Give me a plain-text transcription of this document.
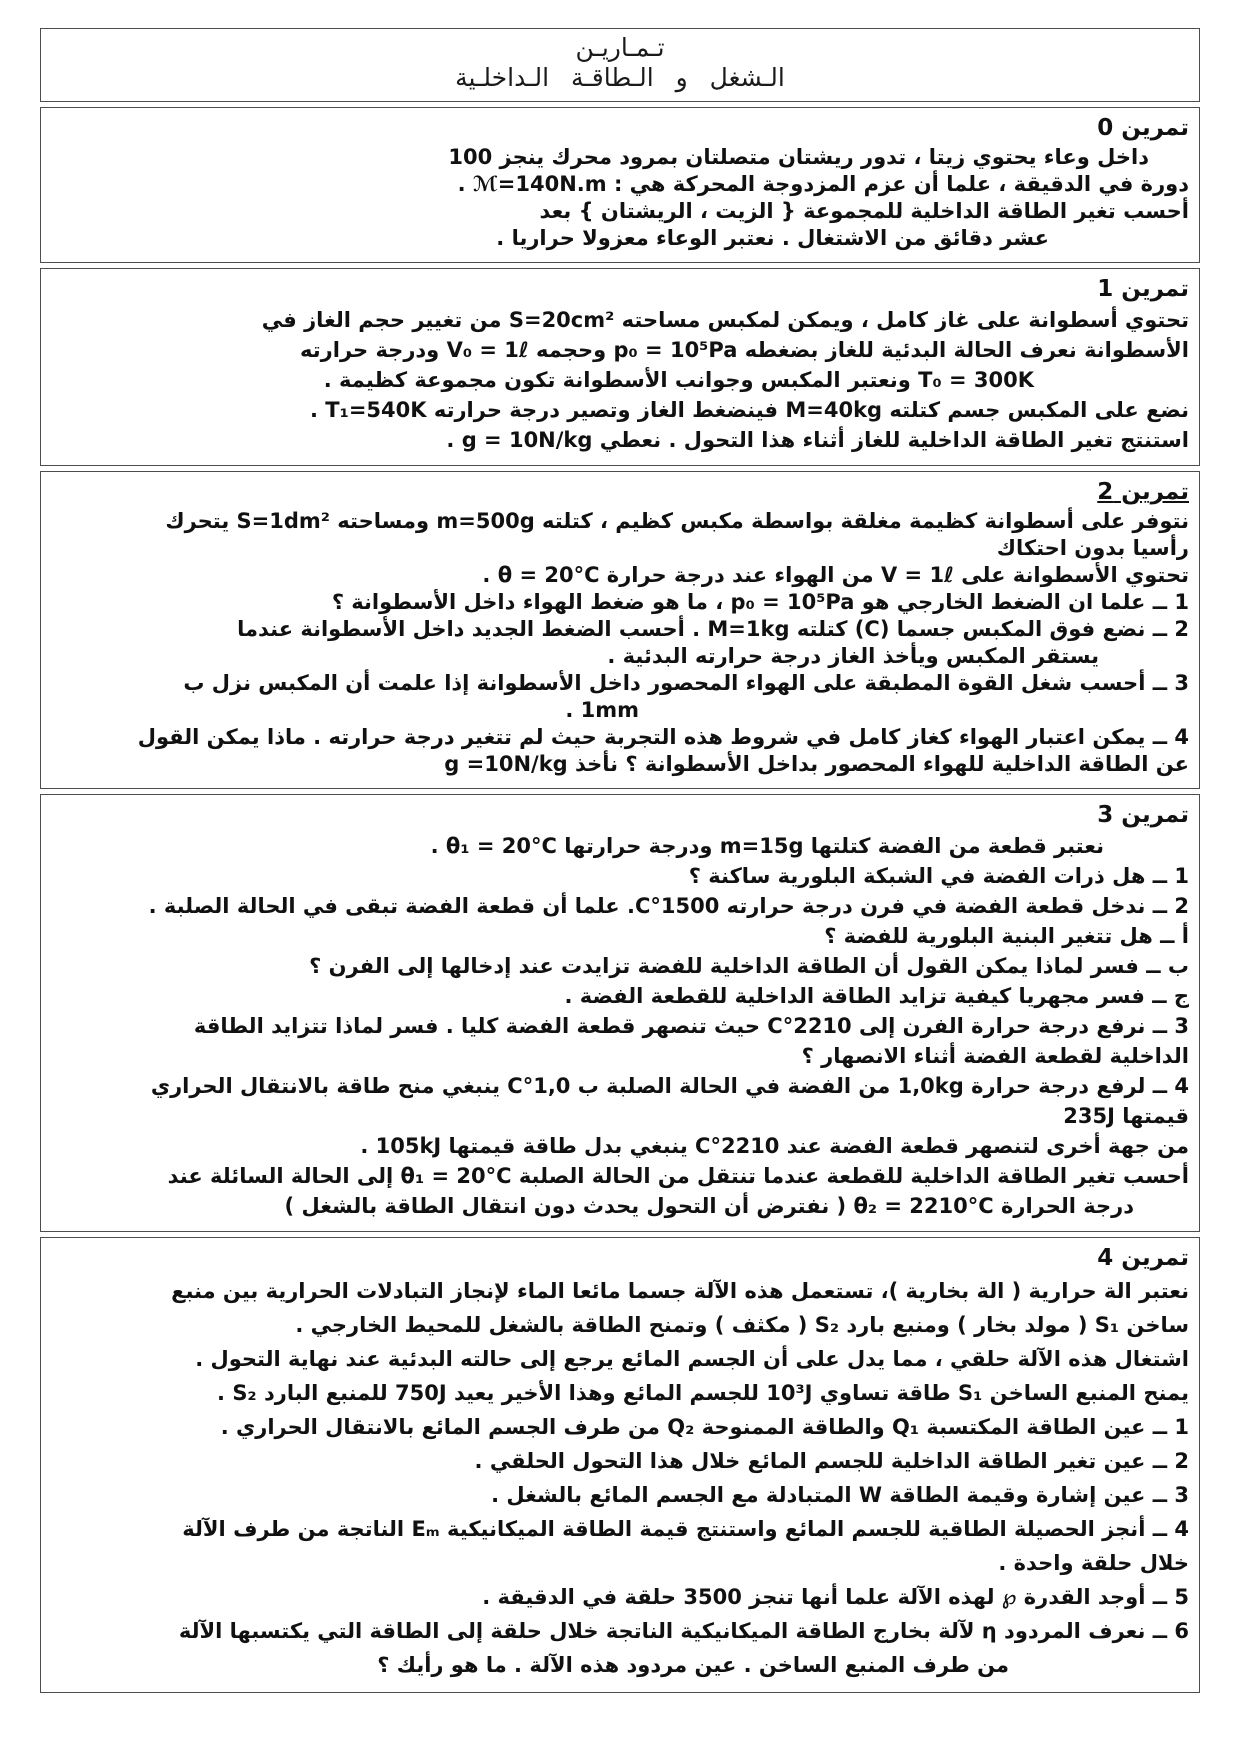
تـمـاريـن
الـشغل و الـطاقـة الـداخلـية
تمرين 0
داخل وعاء يحتوي زيتا ، تدور ريشتان متصلتان بمرود محرك ينجز 100
دورة في الدقيقة ، علما أن عزم المزدوجة المحركة هي : ℳ=140N.m .
أحسب تغير الطاقة الداخلية للمجموعة { الزيت ، الريشتان } بعد
عشر دقائق من الاشتغال . نعتبر الوعاء معزولا حراريا .
تمرين 1
تحتوي أسطوانة على غاز كامل ، ويمكن لمكبس مساحته S=20cm² من تغيير حجم الغاز في
الأسطوانة نعرف الحالة البدئية للغاز بضغطه p₀ = 10⁵Pa وحجمه V₀ = 1ℓ ودرجة حرارته
T₀ = 300K ونعتبر المكبس وجوانب الأسطوانة تكون مجموعة كظيمة .
نضع على المكبس جسم كتلته M=40kg فينضغط الغاز وتصير درجة حرارته T₁=540K .
استنتج تغير الطاقة الداخلية للغاز أثناء هذا التحول . نعطي g = 10N/kg .
تمرين 2
نتوفر على أسطوانة كظيمة مغلقة بواسطة مكبس كظيم ، كتلته m=500g ومساحته S=1dm² يتحرك
رأسيا بدون احتكاك
تحتوي الأسطوانة على V = 1ℓ من الهواء عند درجة حرارة θ = 20°C .
1 ــ علما ان الضغط الخارجي هو p₀ = 10⁵Pa ، ما هو ضغط الهواء داخل الأسطوانة ؟
2 ــ نضع فوق المكبس جسما (C) كتلته M=1kg . أحسب الضغط الجديد داخل الأسطوانة عندما
يستقر المكبس ويأخذ الغاز درجة حرارته البدئية .
3 ــ أحسب شغل القوة المطبقة على الهواء المحصور داخل الأسطوانة إذا علمت أن المكبس نزل ب
1mm .
4 ــ يمكن اعتبار الهواء كغاز كامل في شروط هذه التجربة حيث لم تتغير درجة حرارته . ماذا يمكن القول
عن الطاقة الداخلية للهواء المحصور بداخل الأسطوانة ؟ نأخذ g =10N/kg
تمرين 3
نعتبر قطعة من الفضة كتلتها m=15g ودرجة حرارتها θ₁ = 20°C .
1 ــ هل ذرات الفضة في الشبكة البلورية ساكنة ؟
2 ــ ندخل قطعة الفضة في فرن درجة حرارته 1500°C. علما أن قطعة الفضة تبقى في الحالة الصلبة .
أ ــ هل تتغير البنية البلورية للفضة ؟
ب ــ فسر لماذا يمكن القول أن الطاقة الداخلية للفضة تزايدت عند إدخالها إلى الفرن ؟
ج ــ فسر مجهريا كيفية تزايد الطاقة الداخلية للقطعة الفضة .
3 ــ نرفع درجة حرارة الفرن إلى 2210°C حيث تنصهر قطعة الفضة كليا . فسر لماذا تتزايد الطاقة
الداخلية لقطعة الفضة أثناء الانصهار ؟
4 ــ لرفع درجة حرارة 1,0kg من الفضة في الحالة الصلبة ب 1,0°C ينبغي منح طاقة بالانتقال الحراري
قيمتها 235J
من جهة أخرى لتنصهر قطعة الفضة عند 2210°C ينبغي بدل طاقة قيمتها 105kJ .
أحسب تغير الطاقة الداخلية للقطعة عندما تنتقل من الحالة الصلبة θ₁ = 20°C إلى الحالة السائلة عند
درجة الحرارة θ₂ = 2210°C ( نفترض أن التحول يحدث دون انتقال الطاقة بالشغل )
تمرين 4
نعتبر الة حرارية ( الة بخارية )، تستعمل هذه الآلة جسما مائعا الماء لإنجاز التبادلات الحرارية بين منبع
ساخن S₁ ( مولد بخار ) ومنبع بارد S₂ ( مكثف ) وتمنح الطاقة بالشغل للمحيط الخارجي .
اشتغال هذه الآلة حلقي ، مما يدل على أن الجسم المائع يرجع إلى حالته البدئية عند نهاية التحول .
يمنح المنبع الساخن S₁ طاقة تساوي 10³J للجسم المائع وهذا الأخير يعيد 750J للمنبع البارد S₂ .
1 ــ عين الطاقة المكتسبة Q₁ والطاقة الممنوحة Q₂ من طرف الجسم المائع بالانتقال الحراري .
2 ــ عين تغير الطاقة الداخلية للجسم المائع خلال هذا التحول الحلقي .
3 ــ عين إشارة وقيمة الطاقة W المتبادلة مع الجسم المائع بالشغل .
4 ــ أنجز الحصيلة الطاقية للجسم المائع واستنتج قيمة الطاقة الميكانيكية Eₘ الناتجة من طرف الآلة
خلال حلقة واحدة .
5 ــ أوجد القدرة ℘ لهذه الآلة علما أنها تنجز 3500 حلقة في الدقيقة .
6 ــ نعرف المردود η لآلة بخارج الطاقة الميكانيكية الناتجة خلال حلقة إلى الطاقة التي يكتسبها الآلة
من طرف المنبع الساخن . عين مردود هذه الآلة . ما هو رأيك ؟
